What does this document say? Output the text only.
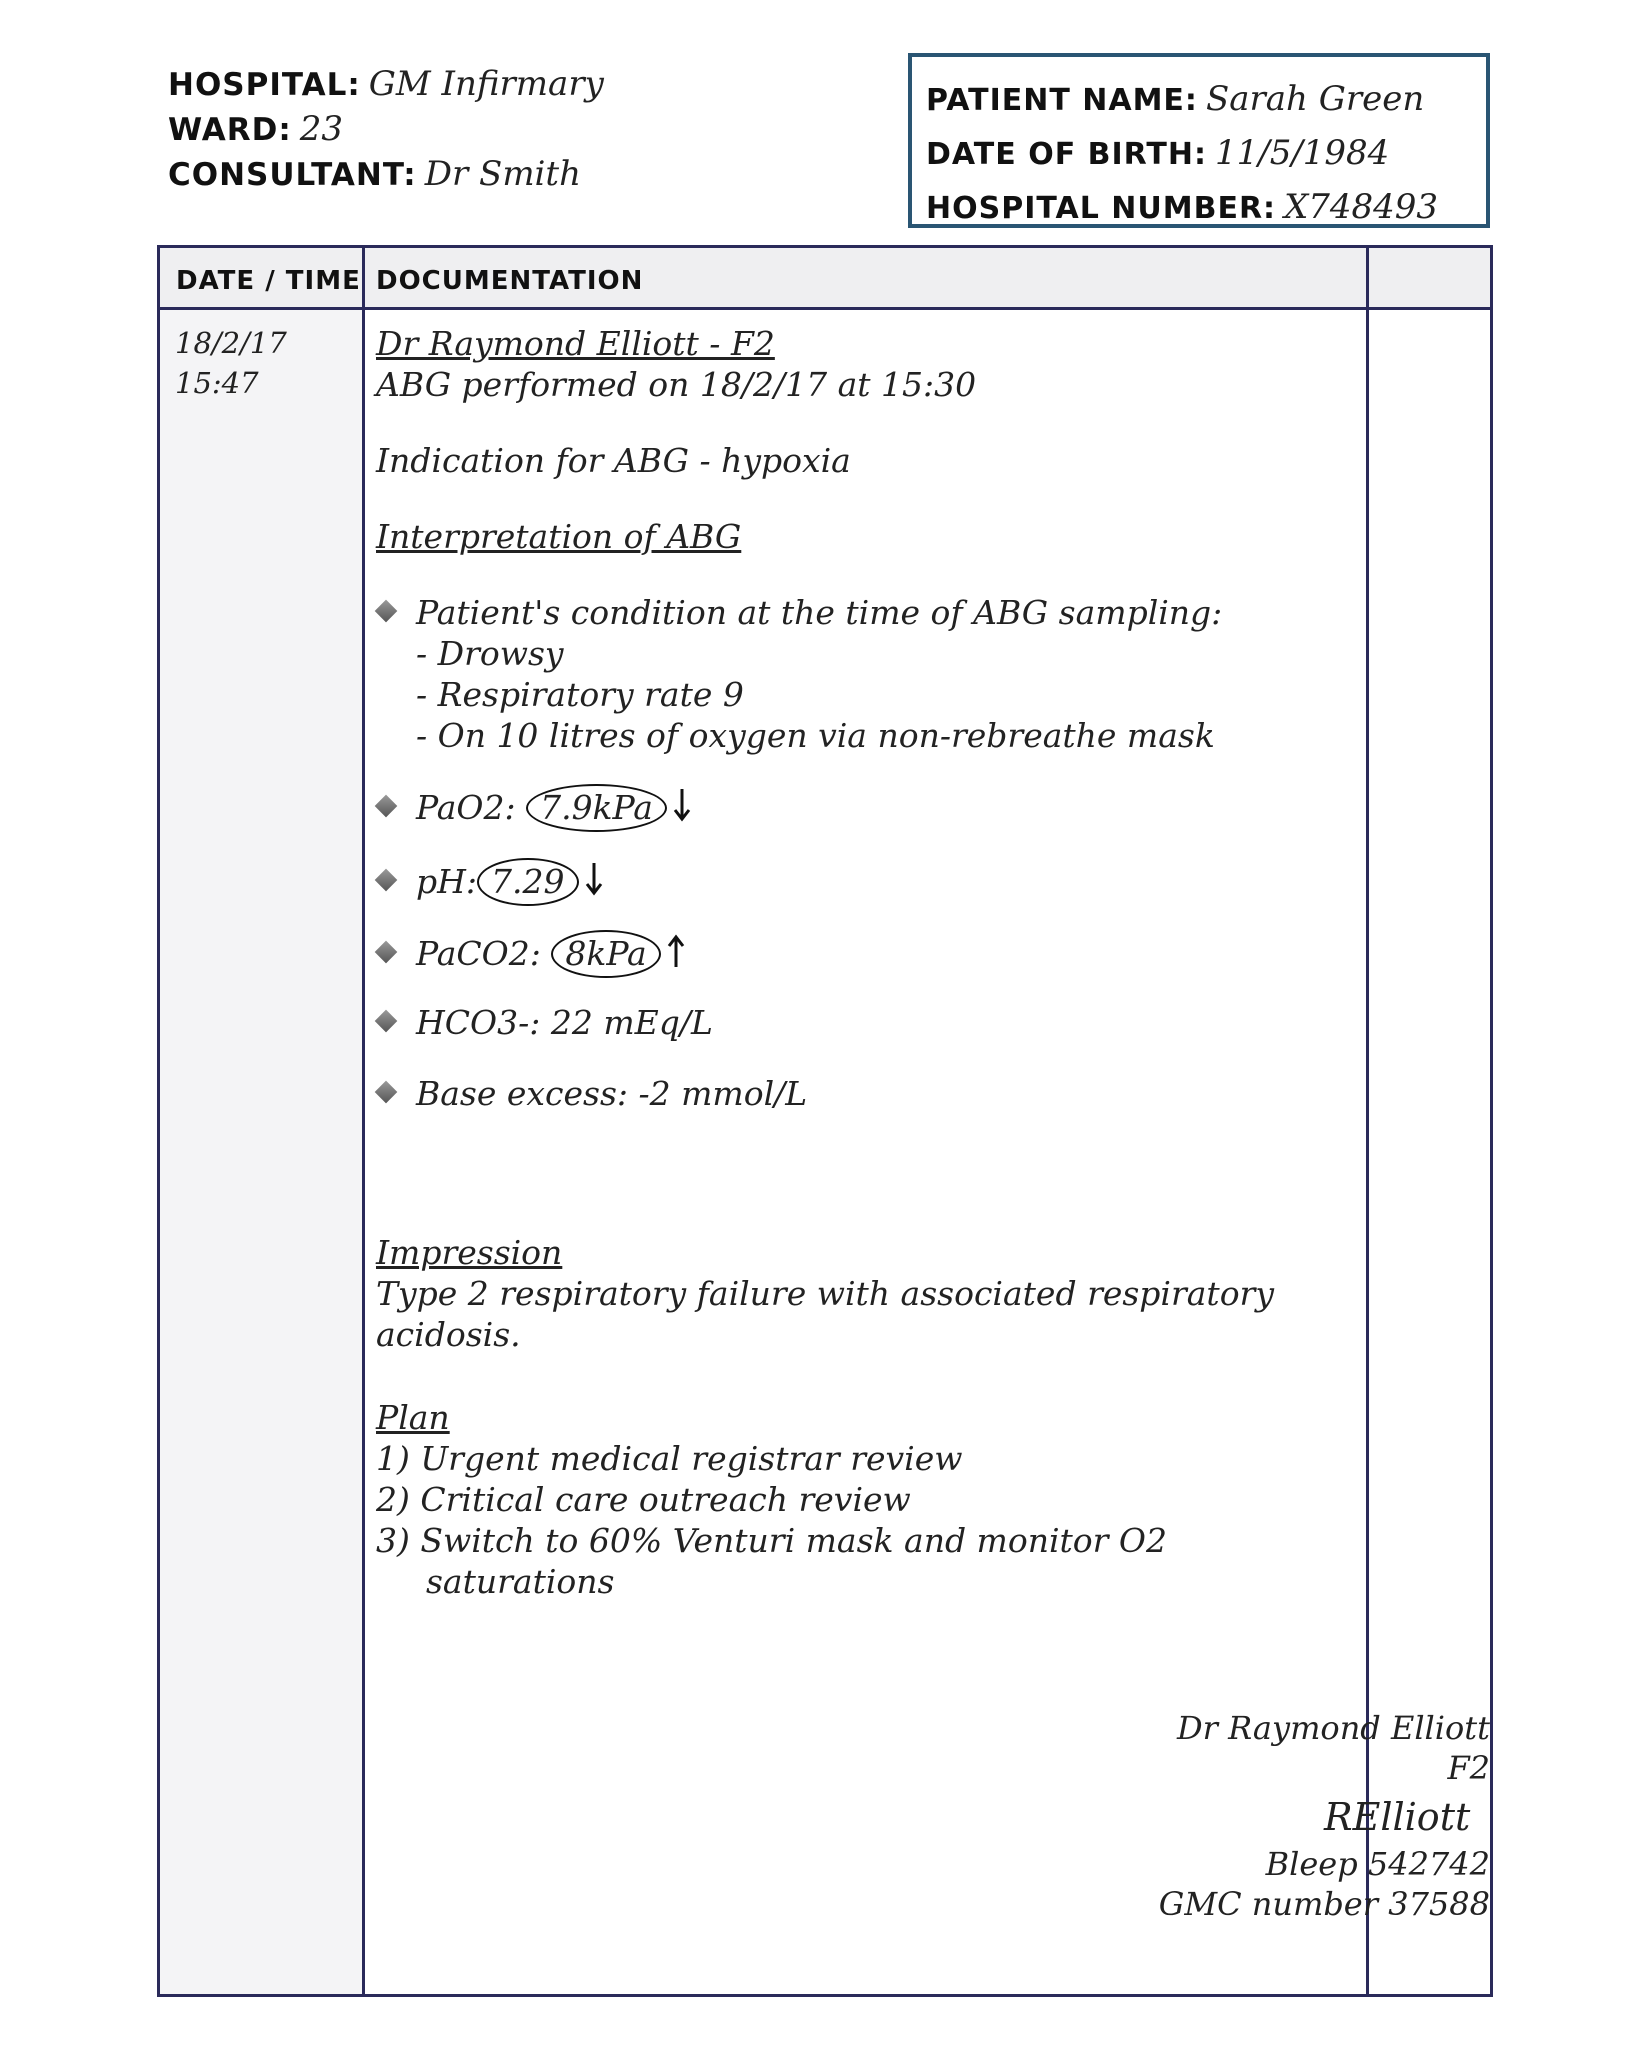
HOSPITAL: GM Infirmary
WARD: 23
CONSULTANT: Dr Smith
PATIENT NAME: Sarah Green
DATE OF BIRTH: 11/5/1984
HOSPITAL NUMBER: X748493
DATE / TIME DOCUMENTATION
18/2/17
15:47
Dr Raymond Elliott - F2
ABG performed on 18/2/17 at 15:30
Indication for ABG - hypoxia
Interpretation of ABG
Patient's condition at the time of ABG sampling:
- Drowsy
- Respiratory rate 9
- On 10 litres of oxygen via non-rebreathe mask
PaO2: 7.9kPa
pH: 7.29
PaCO2: 8kPa
HCO3-: 22 mEq/L
Base excess: -2 mmol/L
Impression
Type 2 respiratory failure with associated respiratory
acidosis.
Plan
1) Urgent medical registrar review
2) Critical care outreach review
3) Switch to 60% Venturi mask and monitor O2
saturations
Dr Raymond Elliott
F2
RElliott
Bleep 542742
GMC number 37588
